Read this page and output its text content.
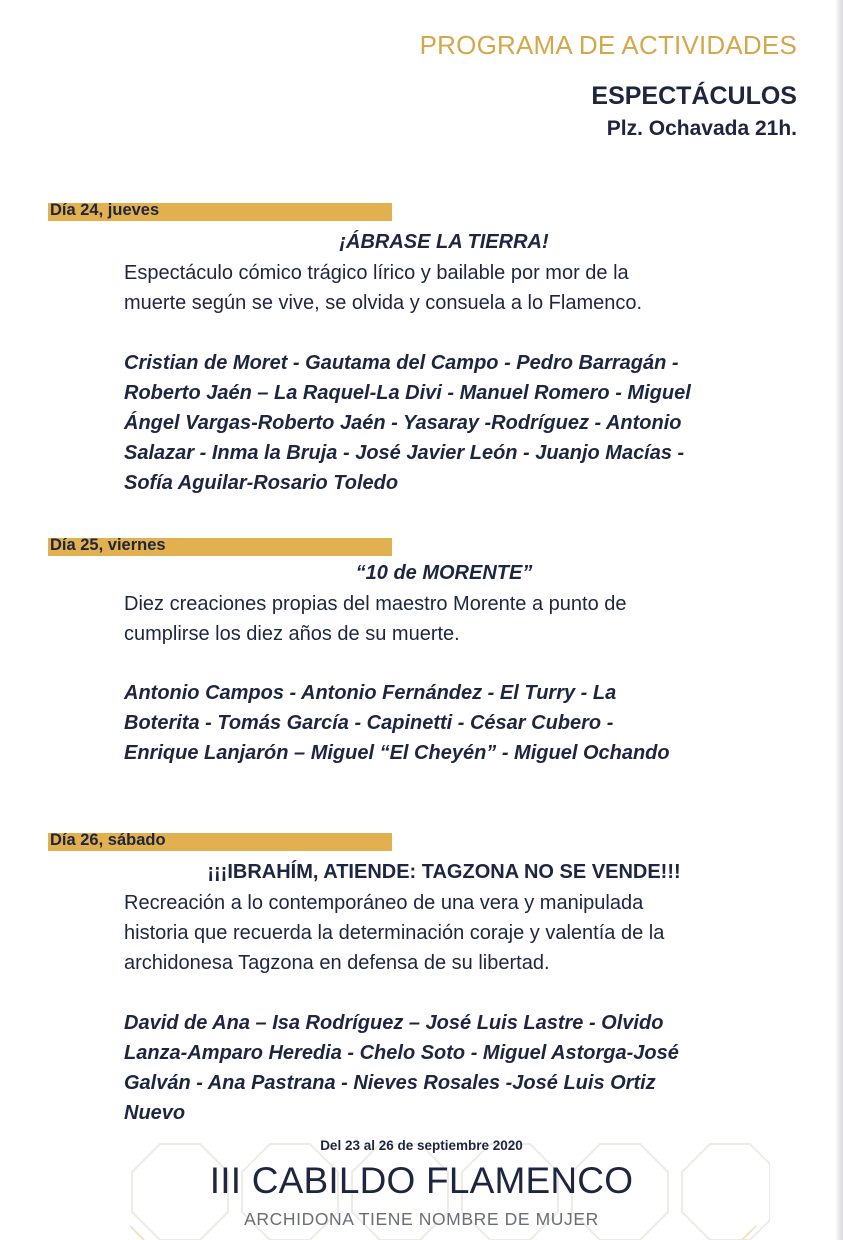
PROGRAMA DE ACTIVIDADES
ESPECTÁCULOS
Plz. Ochavada 21h.
Día 24, jueves
¡ÁBRASE LA TIERRA!
Espectáculo cómico trágico lírico y bailable por mor de la
muerte según se vive, se olvida y consuela a lo Flamenco.
Cristian de Moret - Gautama del Campo - Pedro Barragán -
Roberto Jaén – La Raquel-La Divi - Manuel Romero - Miguel
Ángel Vargas-Roberto Jaén - Yasaray -Rodríguez - Antonio
Salazar - Inma la Bruja - José Javier León - Juanjo Macías -
Sofía Aguilar-Rosario Toledo
Día 25, viernes
“10 de MORENTE”
Diez creaciones propias del maestro Morente a punto de
cumplirse los diez años de su muerte.
Antonio Campos - Antonio Fernández - El Turry - La
Boterita - Tomás García - Capinetti - César Cubero -
Enrique Lanjarón – Miguel “El Cheyén” - Miguel Ochando
Día 26, sábado
¡¡¡IBRAHÍM, ATIENDE: TAGZONA NO SE VENDE!!!
Recreación a lo contemporáneo de una vera y manipulada
historia que recuerda la determinación coraje y valentía de la
archidonesa Tagzona en defensa de su libertad.
David de Ana – Isa Rodríguez – José Luis Lastre - Olvido
Lanza-Amparo Heredia - Chelo Soto - Miguel Astorga-José
Galván - Ana Pastrana - Nieves Rosales -José Luis Ortiz
Nuevo
Del 23 al 26 de septiembre 2020
III CABILDO FLAMENCO
ARCHIDONA TIENE NOMBRE DE MUJER
